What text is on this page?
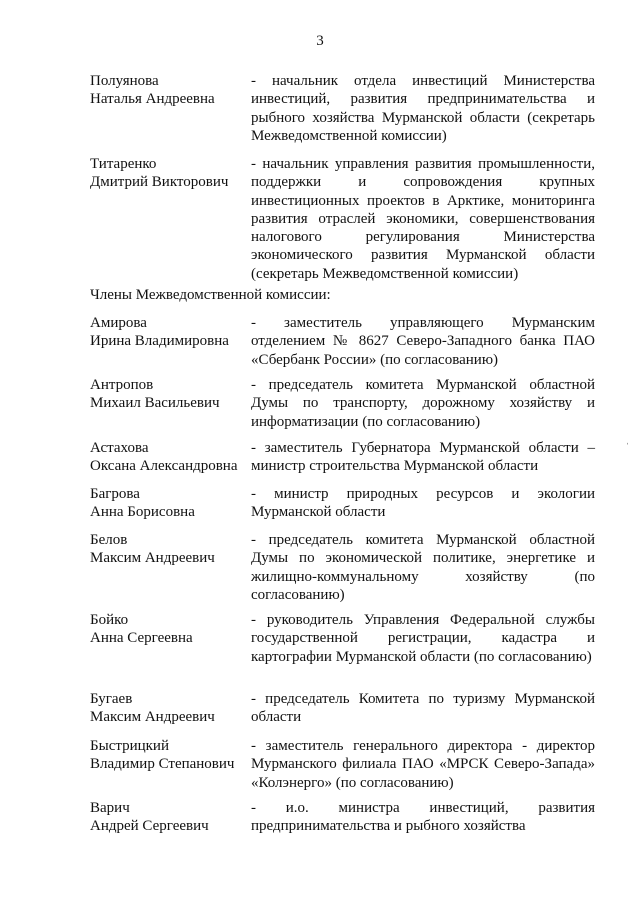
3
Полуянова
Наталья Андреевна
- начальник отдела инвестиций Министерства инвестиций, развития предпринимательства и рыбного хозяйства Мурманской области (секретарь Межведомственной комиссии)
Титаренко
Дмитрий Викторович
- начальник управления развития промышленности, поддержки и сопровождения крупных инвестиционных проектов в Арктике, мониторинга развития отраслей экономики, совершенствования налогового регулирования Министерства экономического развития Мурманской области (секретарь Межведомственной комиссии)
Члены Межведомственной комиссии:
Амирова
Ирина Владимировна
- заместитель управляющего Мурманским отделением № 8627 Северо-Западного банка ПАО «Сбербанк России» (по согласованию)
Антропов
Михаил Васильевич
- председатель комитета Мурманской областной Думы по транспорту, дорожному хозяйству и информатизации (по согласованию)
Астахова
Оксана Александровна
- заместитель Губернатора Мурманской области – министр строительства Мурманской области
Багрова
Анна Борисовна
- министр природных ресурсов и экологии Мурманской области
Белов
Максим Андреевич
- председатель комитета Мурманской областной Думы по экономической политике, энергетике и жилищно-коммунальному хозяйству (по согласованию)
Бойко
Анна Сергеевна
- руководитель Управления Федеральной службы государственной регистрации, кадастра и картографии Мурманской области (по согласованию)
Бугаев
Максим Андреевич
- председатель Комитета по туризму Мурманской области
Быстрицкий
Владимир Степанович
- заместитель генерального директора - директор Мурманского филиала ПАО «МРСК Северо-Запада» «Колэнерго» (по согласованию)
Варич
Андрей Сергеевич
- и.о. министра инвестиций, развития предпринимательства и рыбного хозяйства
ˈ
